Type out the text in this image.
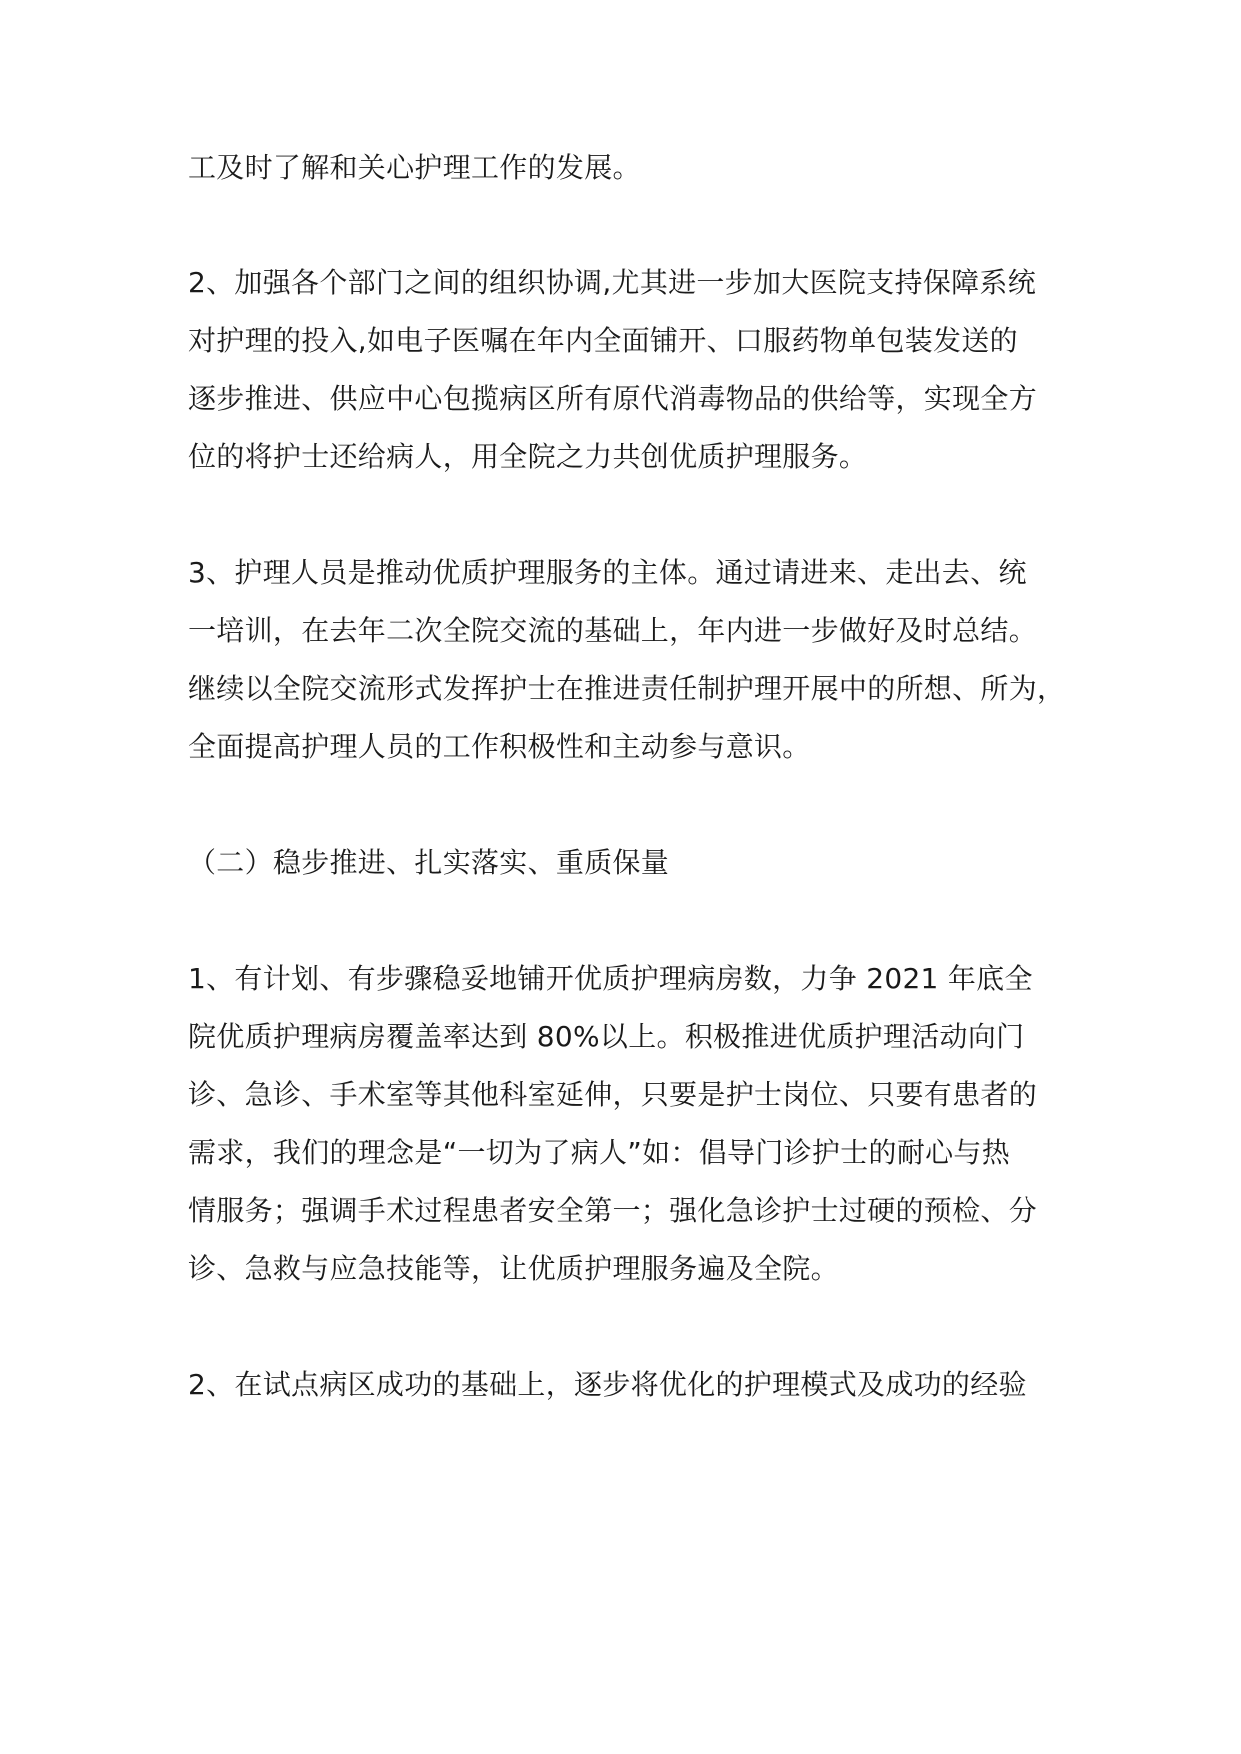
工及时了解和关心护理工作的发展。

2、加强各个部门之间的组织协调,尤其进一步加大医院支持保障系统

对护理的投入,如电子医嘱在年内全面铺开、口服药物单包装发送的

逐步推进、供应中心包揽病区所有原代消毒物品的供给等，实现全方

位的将护士还给病人，用全院之力共创优质护理服务。

3、护理人员是推动优质护理服务的主体。通过请进来、走出去、统

一培训，在去年二次全院交流的基础上，年内进一步做好及时总结。

继续以全院交流形式发挥护士在推进责任制护理开展中的所想、所为，

全面提高护理人员的工作积极性和主动参与意识。

（二）稳步推进、扎实落实、重质保量

1、有计划、有步骤稳妥地铺开优质护理病房数，力争 2021 年底全

院优质护理病房覆盖率达到 80%以上。积极推进优质护理活动向门

诊、急诊、手术室等其他科室延伸，只要是护士岗位、只要有患者的

需求，我们的理念是“一切为了病人”如：倡导门诊护士的耐心与热

情服务；强调手术过程患者安全第一；强化急诊护士过硬的预检、分

诊、急救与应急技能等，让优质护理服务遍及全院。

2、在试点病区成功的基础上，逐步将优化的护理模式及成功的经验
